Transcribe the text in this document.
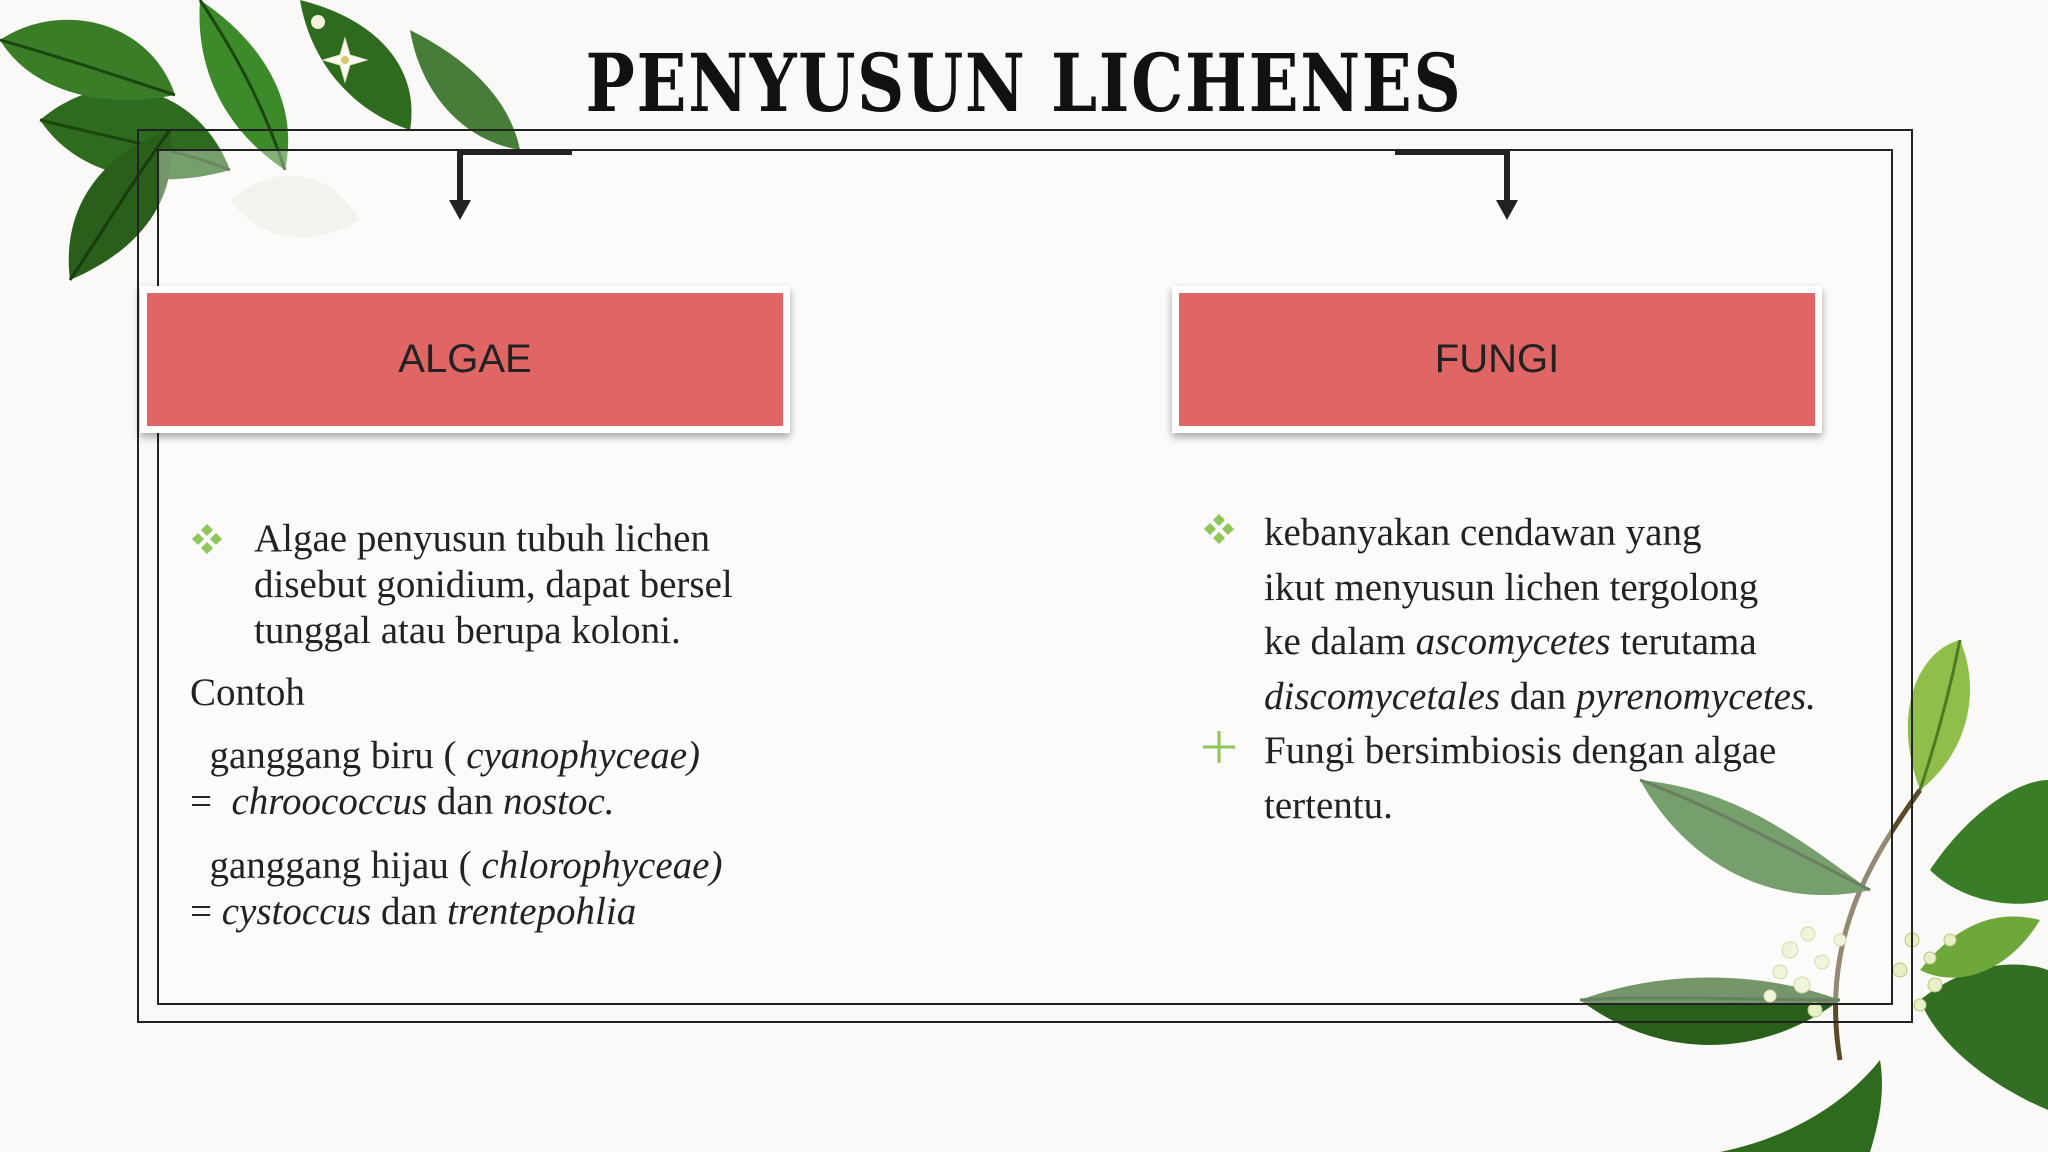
PENYUSUN LICHENES
ALGAE	FUNGI
Algae penyusun tubuh lichen
disebut gonidium, dapat bersel
tunggal atau berupa koloni.
Contoh
ganggang biru ( cyanophyceae)
=  chroococcus dan nostoc.
ganggang hijau ( chlorophyceae)
= cystoccus dan trentepohlia
kebanyakan cendawan yang
ikut menyusun lichen tergolong
ke dalam ascomycetes terutama
discomycetales dan pyrenomycetes.
Fungi bersimbiosis dengan algae
tertentu.
